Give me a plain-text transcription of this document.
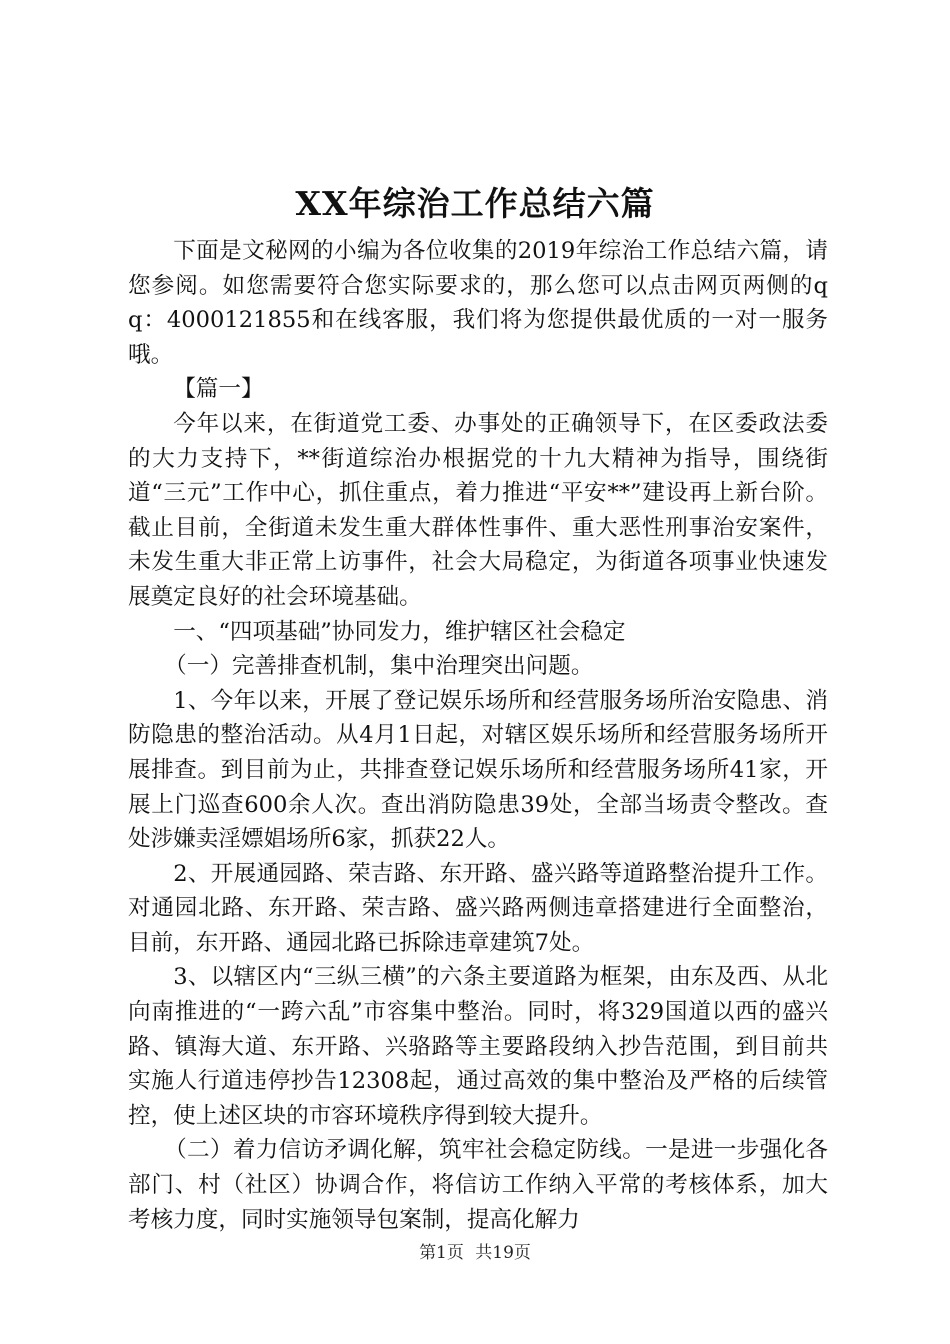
XX年综治工作总结六篇

下面是文秘网的小编为各位收集的2019年综治工作总结六篇，请您参阅。如您需要符合您实际要求的，那么您可以点击网页两侧的qq：4000121855和在线客服，我们将为您提供最优质的一对一服务哦。

【篇一】

今年以来，在街道党工委、办事处的正确领导下，在区委政法委的大力支持下，**街道综治办根据党的十九大精神为指导，围绕街道“三元”工作中心，抓住重点，着力推进“平安**”建设再上新台阶。截止目前，全街道未发生重大群体性事件、重大恶性刑事治安案件，未发生重大非正常上访事件，社会大局稳定，为街道各项事业快速发展奠定良好的社会环境基础。

一、“四项基础”协同发力，维护辖区社会稳定

（一）完善排查机制，集中治理突出问题。

1、今年以来，开展了登记娱乐场所和经营服务场所治安隐患、消防隐患的整治活动。从4月1日起，对辖区娱乐场所和经营服务场所开展排查。到目前为止，共排查登记娱乐场所和经营服务场所41家，开展上门巡查600余人次。查出消防隐患39处，全部当场责令整改。查处涉嫌卖淫嫖娼场所6家，抓获22人。

2、开展通园路、荣吉路、东开路、盛兴路等道路整治提升工作。对通园北路、东开路、荣吉路、盛兴路两侧违章搭建进行全面整治，目前，东开路、通园北路已拆除违章建筑7处。

3、以辖区内“三纵三横”的六条主要道路为框架，由东及西、从北向南推进的“一跨六乱”市容集中整治。同时，将329国道以西的盛兴路、镇海大道、东开路、兴骆路等主要路段纳入抄告范围，到目前共实施人行道违停抄告12308起，通过高效的集中整治及严格的后续管控，使上述区块的市容环境秩序得到较大提升。

（二）着力信访矛调化解，筑牢社会稳定防线。一是进一步强化各部门、村（社区）协调合作，将信访工作纳入平常的考核体系，加大考核力度，同时实施领导包案制，提高化解力

第1页 共19页
